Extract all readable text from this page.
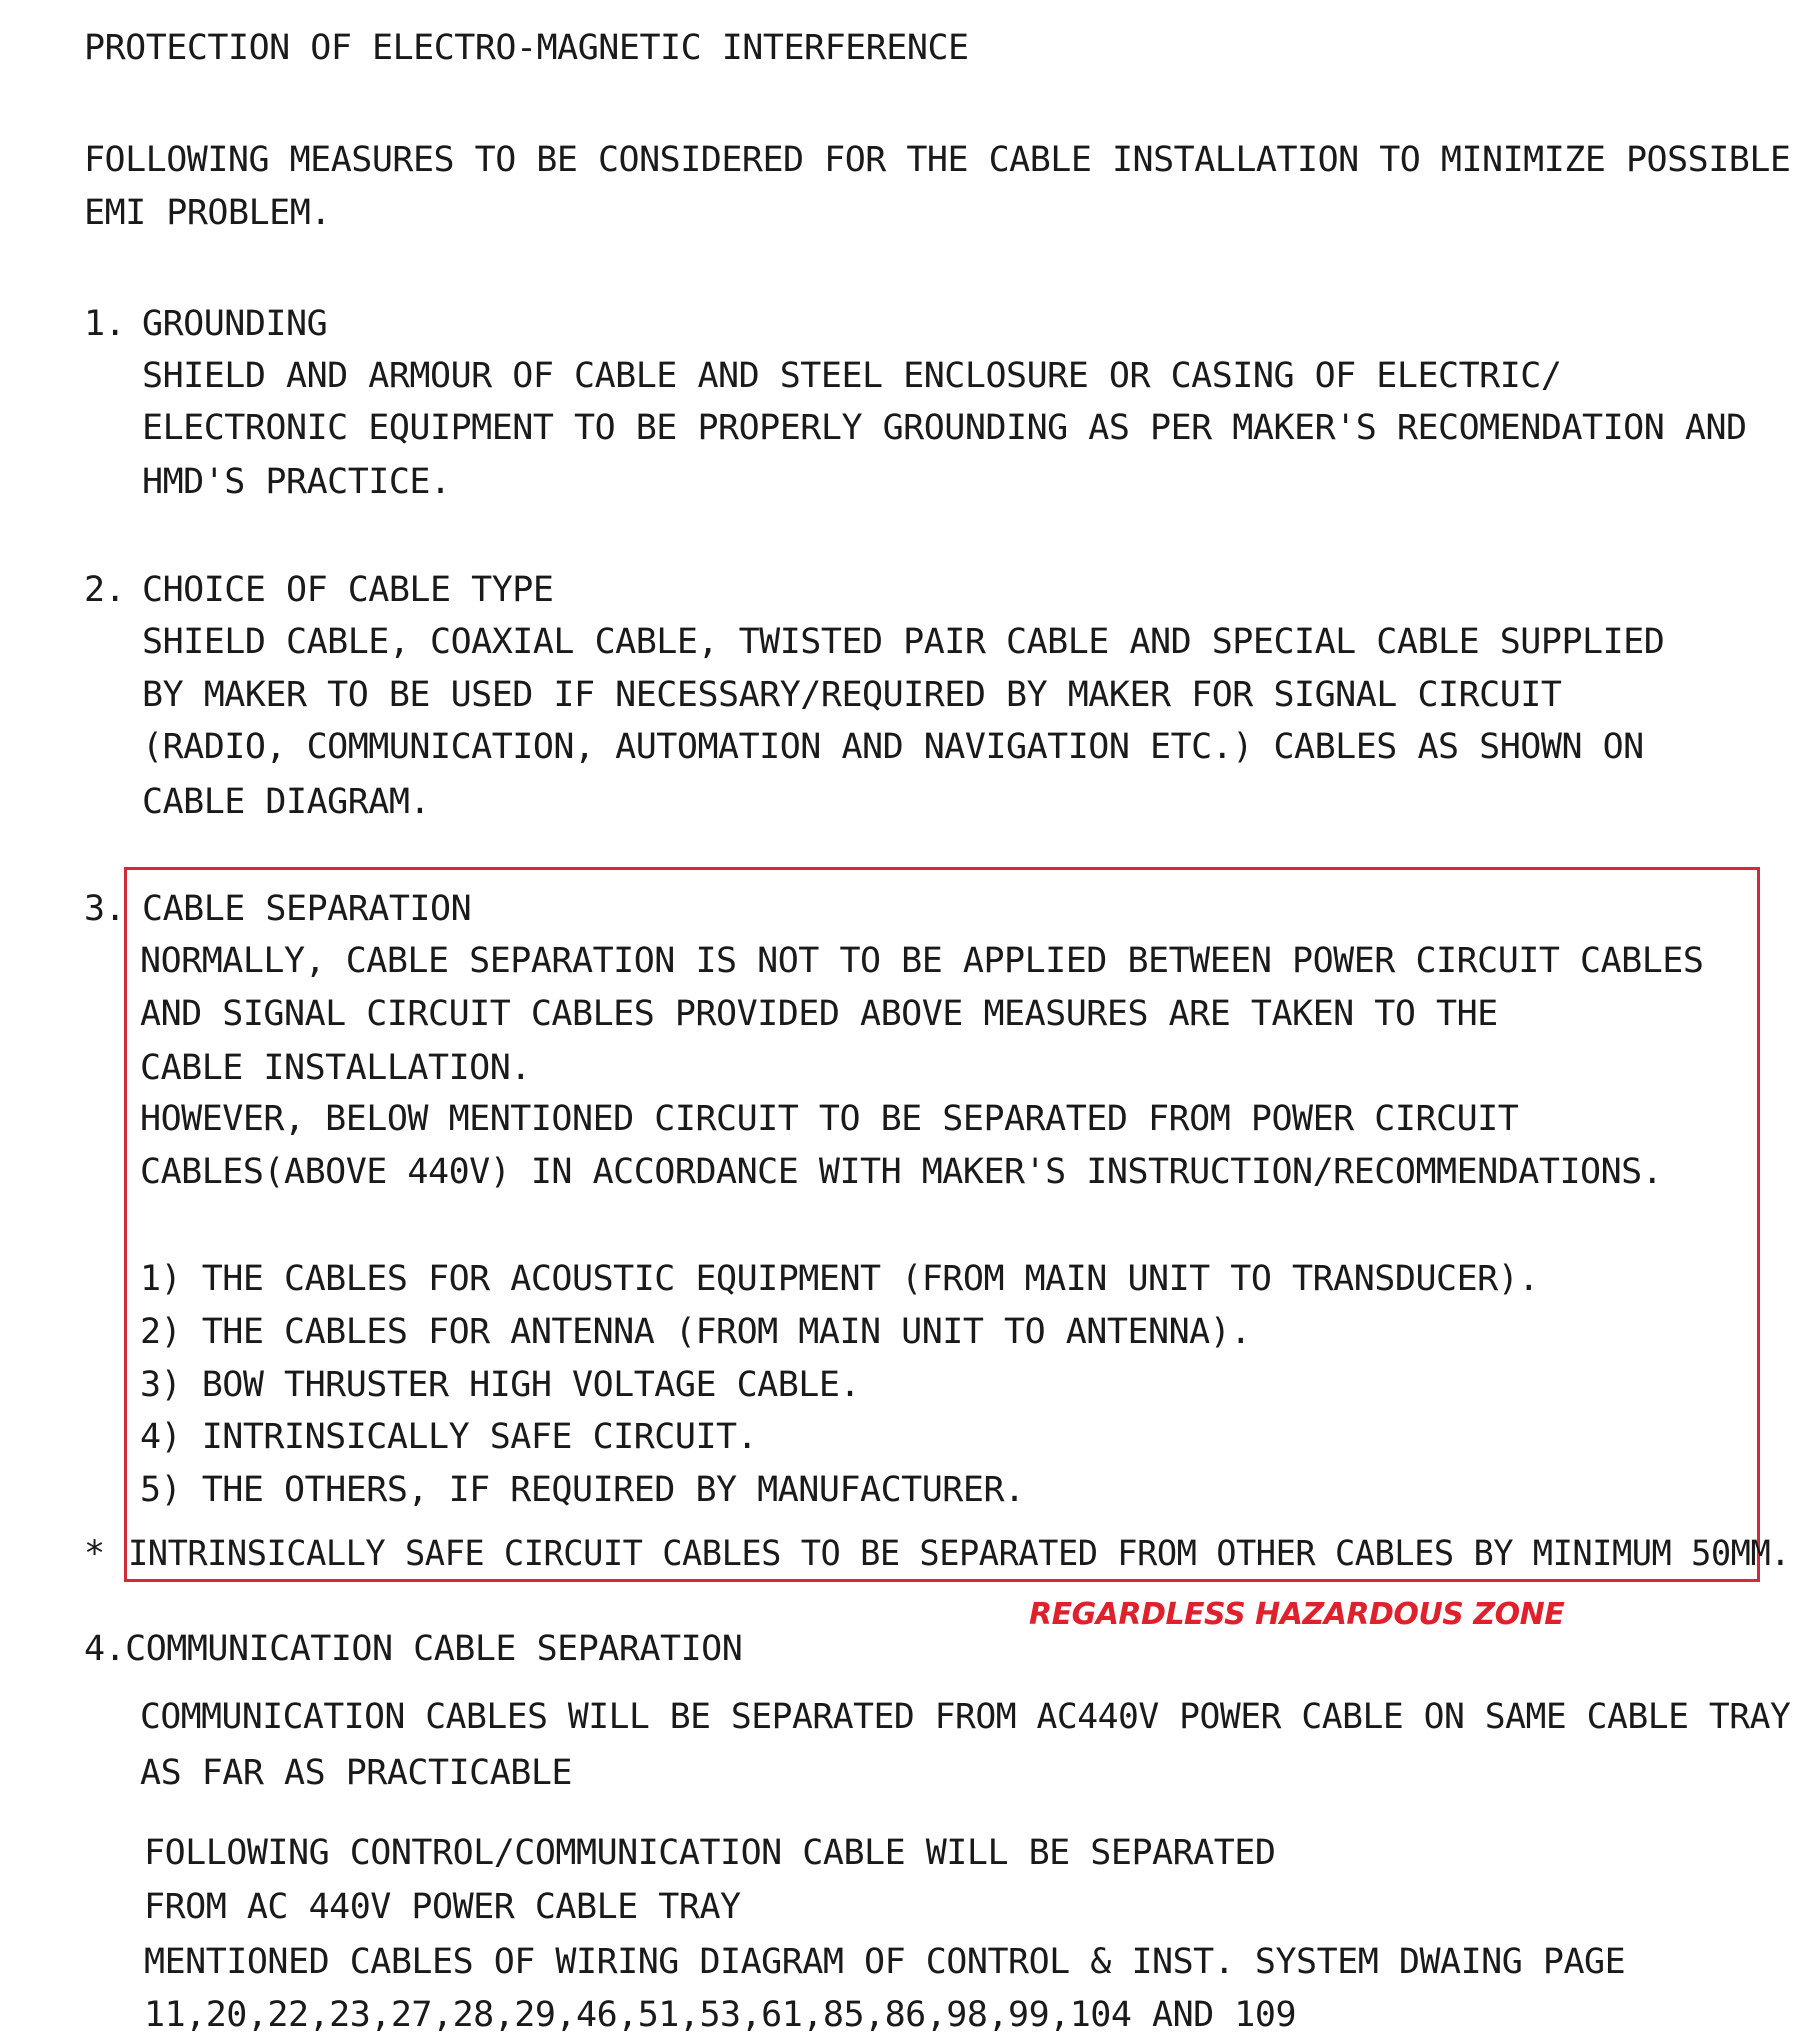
PROTECTION OF ELECTRO-MAGNETIC INTERFERENCE
FOLLOWING MEASURES TO BE CONSIDERED FOR THE CABLE INSTALLATION TO MINIMIZE POSSIBLE
EMI PROBLEM.
1. GROUNDING
SHIELD AND ARMOUR OF CABLE AND STEEL ENCLOSURE OR CASING OF ELECTRIC/
ELECTRONIC EQUIPMENT TO BE PROPERLY GROUNDING AS PER MAKER'S RECOMENDATION AND
HMD'S PRACTICE.
2. CHOICE OF CABLE TYPE
SHIELD CABLE, COAXIAL CABLE, TWISTED PAIR CABLE AND SPECIAL CABLE SUPPLIED
BY MAKER TO BE USED IF NECESSARY/REQUIRED BY MAKER FOR SIGNAL CIRCUIT
(RADIO, COMMUNICATION, AUTOMATION AND NAVIGATION ETC.) CABLES AS SHOWN ON
CABLE DIAGRAM.
3. CABLE SEPARATION
NORMALLY, CABLE SEPARATION IS NOT TO BE APPLIED BETWEEN POWER CIRCUIT CABLES
AND SIGNAL CIRCUIT CABLES PROVIDED ABOVE MEASURES ARE TAKEN TO THE
CABLE INSTALLATION.
HOWEVER, BELOW MENTIONED CIRCUIT TO BE SEPARATED FROM POWER CIRCUIT
CABLES(ABOVE 440V) IN ACCORDANCE WITH MAKER'S INSTRUCTION/RECOMMENDATIONS.
1) THE CABLES FOR ACOUSTIC EQUIPMENT (FROM MAIN UNIT TO TRANSDUCER).
2) THE CABLES FOR ANTENNA (FROM MAIN UNIT TO ANTENNA).
3) BOW THRUSTER HIGH VOLTAGE CABLE.
4) INTRINSICALLY SAFE CIRCUIT.
5) THE OTHERS, IF REQUIRED BY MANUFACTURER.
* INTRINSICALLY SAFE CIRCUIT CABLES TO BE SEPARATED FROM OTHER CABLES BY MINIMUM 50MM.
REGARDLESS HAZARDOUS ZONE
4.COMMUNICATION CABLE SEPARATION
COMMUNICATION CABLES WILL BE SEPARATED FROM AC440V POWER CABLE ON SAME CABLE TRAY
AS FAR AS PRACTICABLE
FOLLOWING CONTROL/COMMUNICATION CABLE WILL BE SEPARATED
FROM AC 440V POWER CABLE TRAY
MENTIONED CABLES OF WIRING DIAGRAM OF CONTROL & INST. SYSTEM DWAING PAGE
11,20,22,23,27,28,29,46,51,53,61,85,86,98,99,104 AND 109
